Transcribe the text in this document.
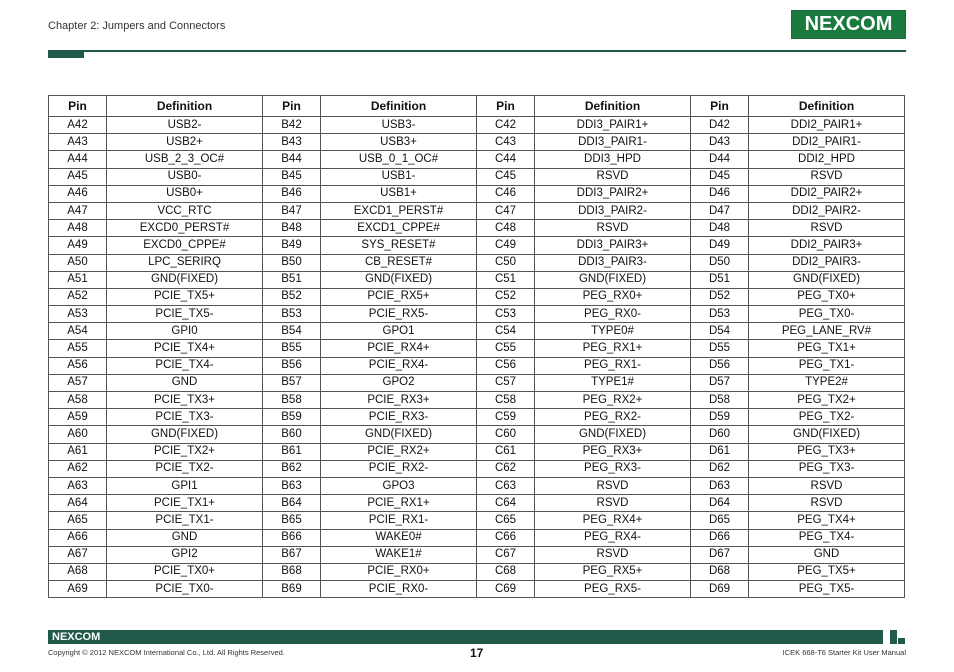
Chapter 2: Jumpers and Connectors	NEXCOM
Pin	Definition	Pin	Definition	Pin	Definition	Pin	Definition
A42	USB2-	B42	USB3-	C42	DDI3_PAIR1+	D42	DDI2_PAIR1+
A43	USB2+	B43	USB3+	C43	DDI3_PAIR1-	D43	DDI2_PAIR1-
A44	USB_2_3_OC#	B44	USB_0_1_OC#	C44	DDI3_HPD	D44	DDI2_HPD
A45	USB0-	B45	USB1-	C45	RSVD	D45	RSVD
A46	USB0+	B46	USB1+	C46	DDI3_PAIR2+	D46	DDI2_PAIR2+
A47	VCC_RTC	B47	EXCD1_PERST#	C47	DDI3_PAIR2-	D47	DDI2_PAIR2-
A48	EXCD0_PERST#	B48	EXCD1_CPPE#	C48	RSVD	D48	RSVD
A49	EXCD0_CPPE#	B49	SYS_RESET#	C49	DDI3_PAIR3+	D49	DDI2_PAIR3+
A50	LPC_SERIRQ	B50	CB_RESET#	C50	DDI3_PAIR3-	D50	DDI2_PAIR3-
A51	GND(FIXED)	B51	GND(FIXED)	C51	GND(FIXED)	D51	GND(FIXED)
A52	PCIE_TX5+	B52	PCIE_RX5+	C52	PEG_RX0+	D52	PEG_TX0+
A53	PCIE_TX5-	B53	PCIE_RX5-	C53	PEG_RX0-	D53	PEG_TX0-
A54	GPI0	B54	GPO1	C54	TYPE0#	D54	PEG_LANE_RV#
A55	PCIE_TX4+	B55	PCIE_RX4+	C55	PEG_RX1+	D55	PEG_TX1+
A56	PCIE_TX4-	B56	PCIE_RX4-	C56	PEG_RX1-	D56	PEG_TX1-
A57	GND	B57	GPO2	C57	TYPE1#	D57	TYPE2#
A58	PCIE_TX3+	B58	PCIE_RX3+	C58	PEG_RX2+	D58	PEG_TX2+
A59	PCIE_TX3-	B59	PCIE_RX3-	C59	PEG_RX2-	D59	PEG_TX2-
A60	GND(FIXED)	B60	GND(FIXED)	C60	GND(FIXED)	D60	GND(FIXED)
A61	PCIE_TX2+	B61	PCIE_RX2+	C61	PEG_RX3+	D61	PEG_TX3+
A62	PCIE_TX2-	B62	PCIE_RX2-	C62	PEG_RX3-	D62	PEG_TX3-
A63	GPI1	B63	GPO3	C63	RSVD	D63	RSVD
A64	PCIE_TX1+	B64	PCIE_RX1+	C64	RSVD	D64	RSVD
A65	PCIE_TX1-	B65	PCIE_RX1-	C65	PEG_RX4+	D65	PEG_TX4+
A66	GND	B66	WAKE0#	C66	PEG_RX4-	D66	PEG_TX4-
A67	GPI2	B67	WAKE1#	C67	RSVD	D67	GND
A68	PCIE_TX0+	B68	PCIE_RX0+	C68	PEG_RX5+	D68	PEG_TX5+
A69	PCIE_TX0-	B69	PCIE_RX0-	C69	PEG_RX5-	D69	PEG_TX5-
NEXCOM
Copyright © 2012 NEXCOM International Co., Ltd. All Rights Reserved.	17	ICEK 668-T6 Starter Kit User Manual
